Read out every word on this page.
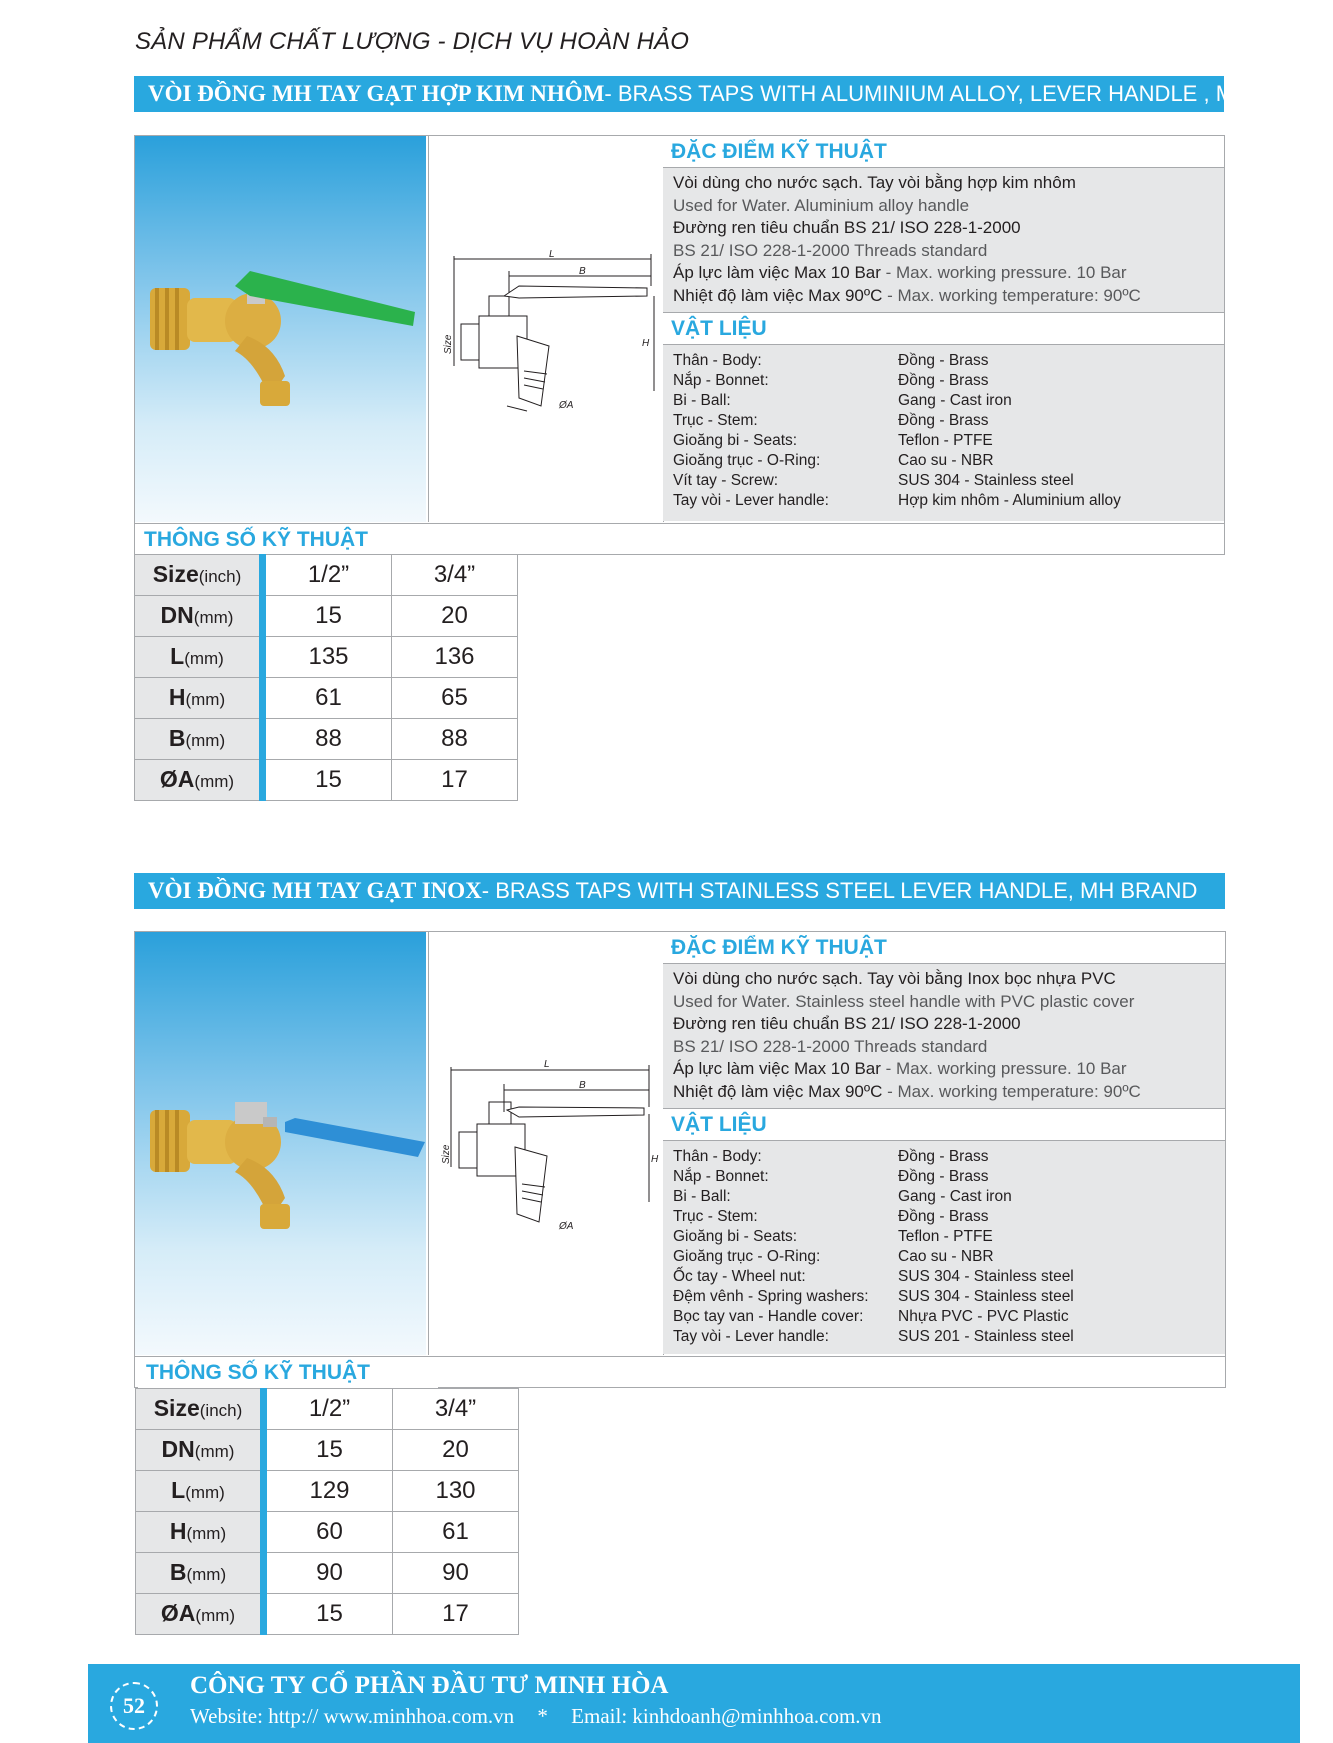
SẢN PHẨM CHẤT LƯỢNG - DỊCH VỤ HOÀN HẢO
VÒI ĐỒNG MH TAY GẠT HỢP KIM NHÔM - BRASS TAPS WITH ALUMINIUM ALLOY, LEVER HANDLE , MH BRAND
L
B
H
Size
ØA
ĐẶC ĐIỂM KỸ THUẬT
Vòi dùng cho nước sạch. Tay vòi bằng hợp kim nhôm
Used for Water. Aluminium alloy handle
Đường ren tiêu chuẩn BS 21/ ISO 228-1-2000
BS 21/ ISO 228-1-2000 Threads standard
Áp lực làm việc Max 10 Bar - Max. working pressure. 10 Bar
Nhiệt độ làm việc Max 90ºC - Max. working temperature: 90ºC
VẬT LIỆU
Thân - Body:	Đồng - Brass
Nắp - Bonnet:	Đồng - Brass
Bi - Ball:	Gang - Cast iron
Trục - Stem:	Đồng - Brass
Gioăng bi - Seats:	Teflon - PTFE
Gioăng trục - O-Ring:	Cao su - NBR
Vít tay - Screw:	SUS 304 - Stainless steel
Tay vòi - Lever handle:	Hợp kim nhôm - Aluminium alloy
THÔNG SỐ KỸ THUẬT
Size(inch)	1/2”	3/4”
DN(mm)	15	20
L(mm)	135	136
H(mm)	61	65
B(mm)	88	88
ØA(mm)	15	17
VÒI ĐỒNG MH TAY GẠT INOX - BRASS TAPS WITH STAINLESS STEEL LEVER HANDLE, MH BRAND
L
B
H
Size
ØA
ĐẶC ĐIỂM KỸ THUẬT
Vòi dùng cho nước sạch. Tay vòi bằng Inox bọc nhựa PVC
Used for Water. Stainless steel handle with PVC plastic cover
Đường ren tiêu chuẩn BS 21/ ISO 228-1-2000
BS 21/ ISO 228-1-2000 Threads standard
Áp lực làm việc Max 10 Bar - Max. working pressure. 10 Bar
Nhiệt độ làm việc Max 90ºC - Max. working temperature: 90ºC
VẬT LIỆU
Thân - Body:	Đồng - Brass
Nắp - Bonnet:	Đồng - Brass
Bi - Ball:	Gang - Cast iron
Trục - Stem:	Đồng - Brass
Gioăng bi - Seats:	Teflon - PTFE
Gioăng trục - O-Ring:	Cao su - NBR
Ốc tay - Wheel nut:	SUS 304 - Stainless steel
Đệm vênh - Spring washers:	SUS 304 - Stainless steel
Bọc tay van - Handle cover:	Nhựa PVC - PVC Plastic
Tay vòi - Lever handle:	SUS 201 - Stainless steel
THÔNG SỐ KỸ THUẬT
Size(inch)	1/2”	3/4”
DN(mm)	15	20
L(mm)	129	130
H(mm)	60	61
B(mm)	90	90
ØA(mm)	15	17
52
CÔNG TY CỔ PHẦN ĐẦU TƯ MINH HÒA
Website: http:// www.minhhoa.com.vn * Email: kinhdoanh@minhhoa.com.vn
